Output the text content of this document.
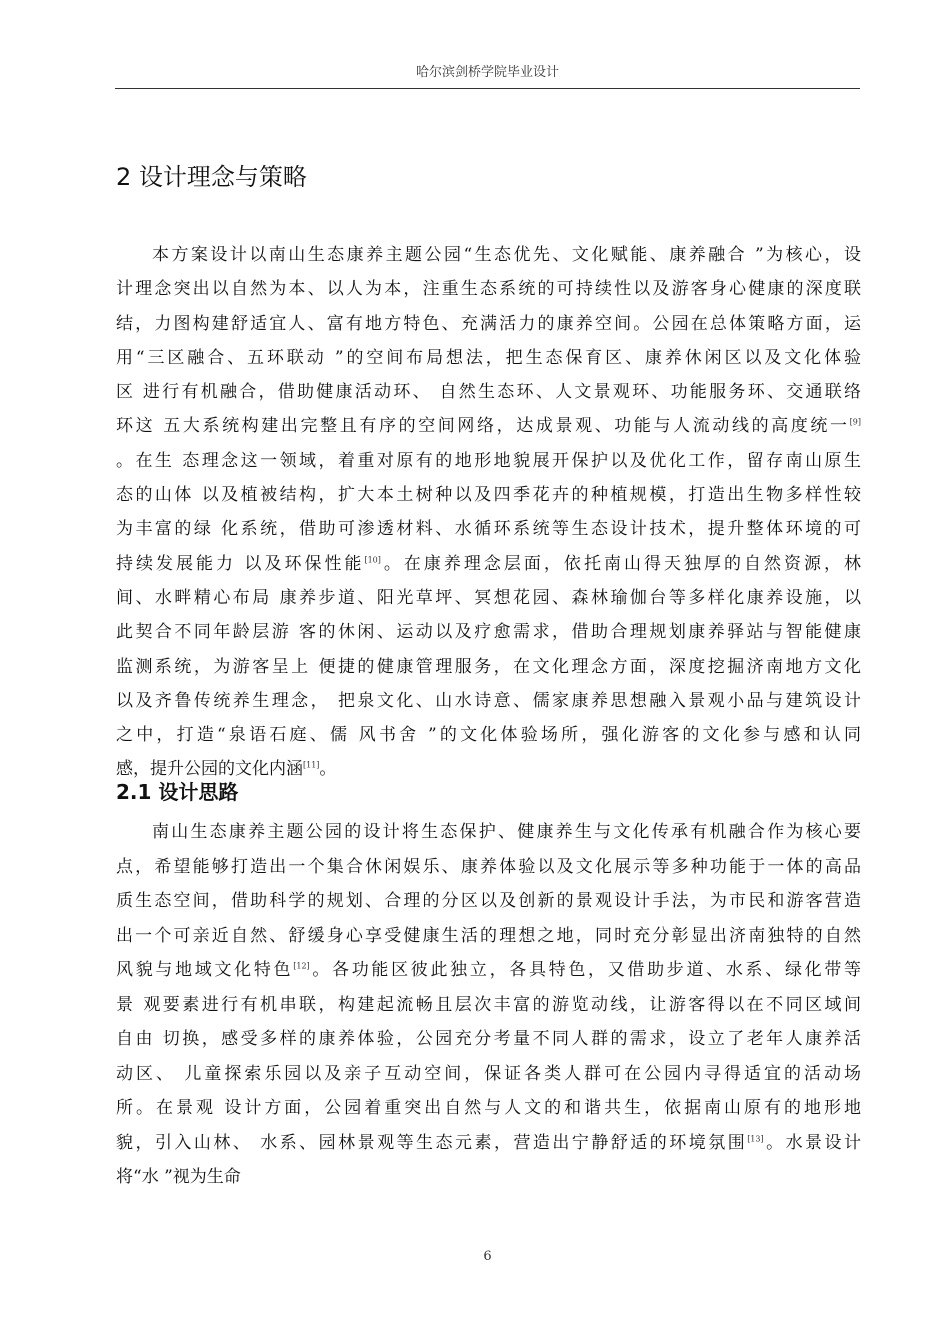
哈尔滨剑桥学院毕业设计
2 设计理念与策略
本方案设计以南山生态康养主题公园“生态优先、文化赋能、康养融合 ”为核心，设
计理念突出以自然为本、以人为本，注重生态系统的可持续性以及游客身心健康的深度联
结，力图构建舒适宜人、富有地方特色、充满活力的康养空间。公园在总体策略方面，运
用“三区融合、五环联动 ”的空间布局想法，把生态保育区、康养休闲区以及文化体验
区 进行有机融合，借助健康活动环、 自然生态环、人文景观环、功能服务环、交通联络
环这 五大系统构建出完整且有序的空间网络，达成景观、功能与人流动线的高度统一[9]
。在生 态理念这一领域，着重对原有的地形地貌展开保护以及优化工作，留存南山原生
态的山体 以及植被结构，扩大本土树种以及四季花卉的种植规模，打造出生物多样性较
为丰富的绿 化系统，借助可渗透材料、水循环系统等生态设计技术，提升整体环境的可
持续发展能力 以及环保性能[10]。在康养理念层面，依托南山得天独厚的自然资源，林
间、水畔精心布局 康养步道、阳光草坪、冥想花园、森林瑜伽台等多样化康养设施，以
此契合不同年龄层游 客的休闲、运动以及疗愈需求，借助合理规划康养驿站与智能健康
监测系统，为游客呈上 便捷的健康管理服务，在文化理念方面，深度挖掘济南地方文化
以及齐鲁传统养生理念， 把泉文化、山水诗意、儒家康养思想融入景观小品与建筑设计
之中，打造“泉语石庭、儒 风书舍 ”的文化体验场所，强化游客的文化参与感和认同
感，提升公园的文化内涵[11]。
2.1 设计思路
南山生态康养主题公园的设计将生态保护、健康养生与文化传承有机融合作为核心要
点，希望能够打造出一个集合休闲娱乐、康养体验以及文化展示等多种功能于一体的高品
质生态空间，借助科学的规划、合理的分区以及创新的景观设计手法，为市民和游客营造
出一个可亲近自然、舒缓身心享受健康生活的理想之地，同时充分彰显出济南独特的自然
风貌与地域文化特色[12]。各功能区彼此独立，各具特色，又借助步道、水系、绿化带等
景 观要素进行有机串联，构建起流畅且层次丰富的游览动线，让游客得以在不同区域间
自由 切换，感受多样的康养体验，公园充分考量不同人群的需求，设立了老年人康养活
动区、 儿童探索乐园以及亲子互动空间，保证各类人群可在公园内寻得适宜的活动场
所。在景观 设计方面，公园着重突出自然与人文的和谐共生，依据南山原有的地形地
貌，引入山林、 水系、园林景观等生态元素，营造出宁静舒适的环境氛围[13]。水景设计
将“水 ”视为生命
6
